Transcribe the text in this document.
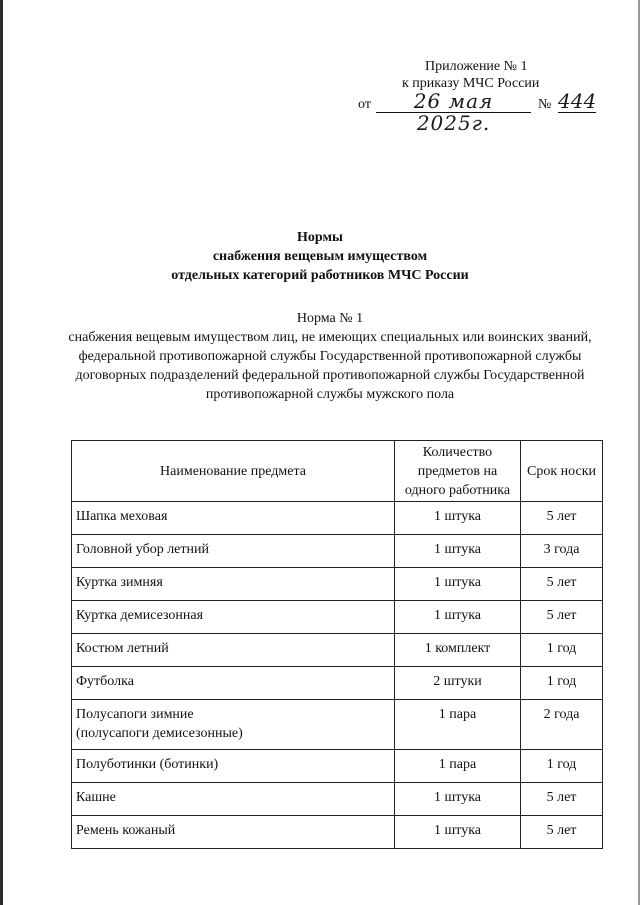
Приложение № 1
к приказу МЧС России
от	26 мая 2025г.
№ 444
Нормы
снабжения вещевым имуществом
отдельных категорий работников МЧС России
Норма № 1
снабжения вещевым имуществом лиц, не имеющих специальных или воинских званий, федеральной противопожарной службы Государственной противопожарной службы договорных подразделений федеральной противопожарной службы Государственной противопожарной службы мужского пола
Наименование предмета	Количество предметов на одного работника	Срок носки
Шапка меховая	1 штука	5 лет
Головной убор летний	1 штука	3 года
Куртка зимняя	1 штука	5 лет
Куртка демисезонная	1 штука	5 лет
Костюм летний	1 комплект	1 год
Футболка	2 штуки	1 год

Полусапоги зимние
(полусапоги демисезонные)	1 пара	2 года
Полуботинки (ботинки)	1 пара	1 год
Кашне	1 штука	5 лет
Ремень кожаный	1 штука	5 лет
